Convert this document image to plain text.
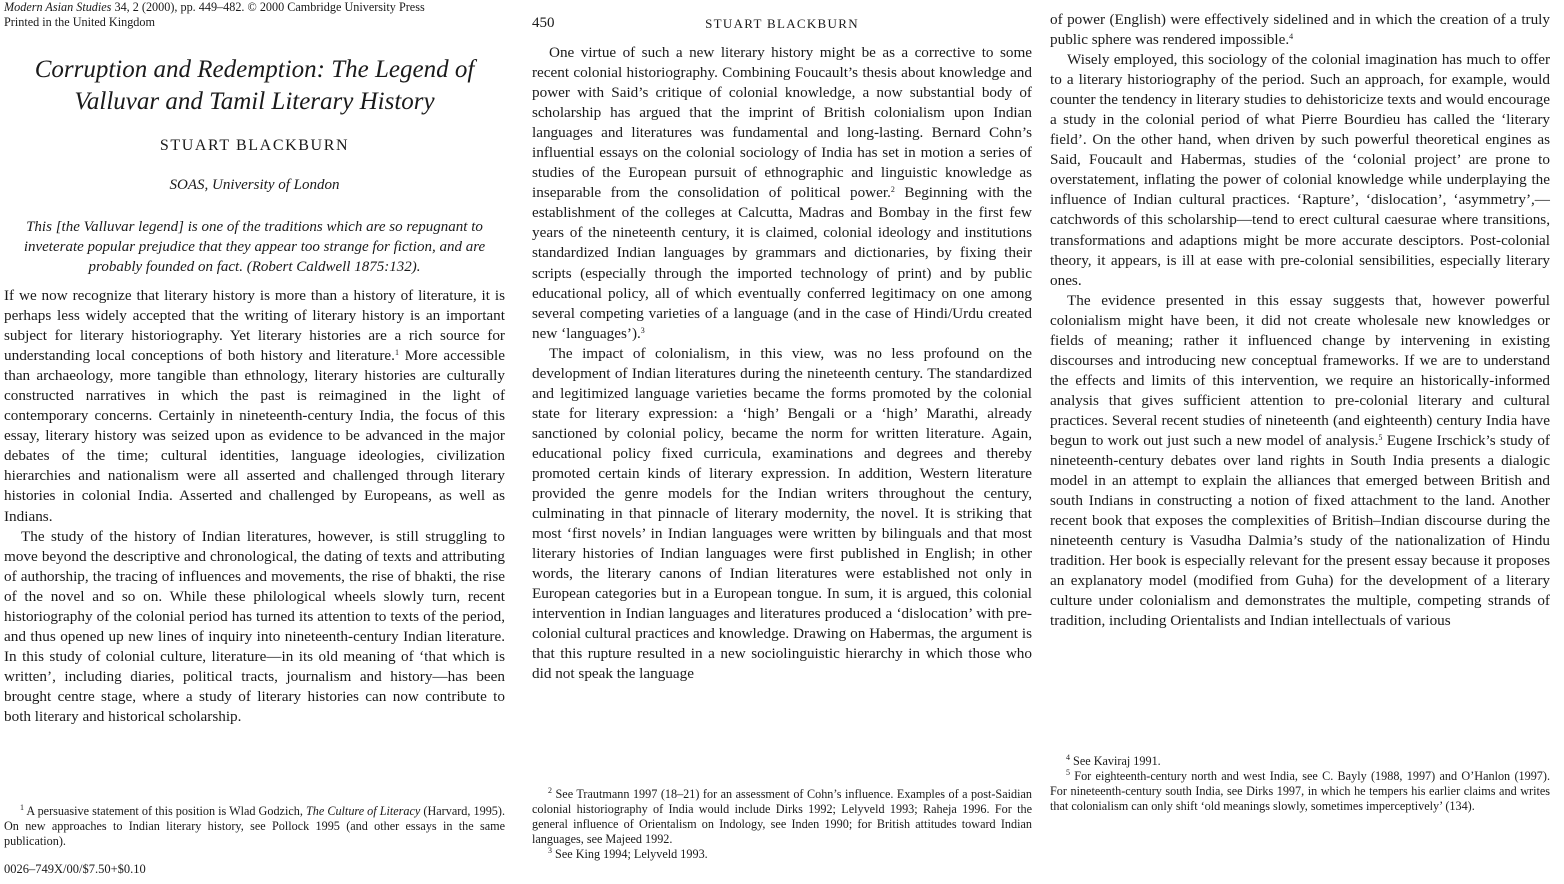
Modern Asian Studies 34, 2 (2000), pp. 449–482. © 2000 Cambridge University Press
Printed in the United Kingdom
Corruption and Redemption: The Legend of
Valluvar and Tamil Literary History
STUART BLACKBURN
SOAS, University of London
This [the Valluvar legend] is one of the traditions which are so repugnant to inveterate popular prejudice that they appear too strange for fiction, and are probably founded on fact. (Robert Caldwell 1875:132).

If we now recognize that literary history is more than a history of literature, it is perhaps less widely accepted that the writing of literary history is an important subject for literary historiography. Yet literary histories are a rich source for understanding local conceptions of both history and literature.$^1$ More accessible than archaeology, more tangible than ethnology, literary histories are culturally constructed narratives in which the past is reimagined in the light of contemporary concerns. Certainly in nineteenth-century India, the focus of this essay, literary history was seized upon as evidence to be advanced in the major debates of the time; cultural identities, language ideologies, civilization hierarchies and nationalism were all asserted and challenged through literary histories in colonial India. Asserted and challenged by Europeans, as well as Indians.

The study of the history of Indian literatures, however, is still struggling to move beyond the descriptive and chronological, the dating of texts and attributing of authorship, the tracing of influences and movements, the rise of bhakti, the rise of the novel and so on. While these philological wheels slowly turn, recent historiography of the colonial period has turned its attention to texts of the period, and thus opened up new lines of inquiry into nineteenth-century Indian literature. In this study of colonial culture, literature—in its old meaning of ‘that which is written’, including diaries, political tracts, journalism and history—has been brought centre stage, where a study of literary histories can now contribute to both literary and historical scholarship.

$^1$ A persuasive statement of this position is Wlad Godzich, The Culture of Literacy (Harvard, 1995). On new approaches to Indian literary history, see Pollock 1995 (and other essays in the same publication).

0026–749X/00/$7.50+$0.10
450	STUART BLACKBURN

One virtue of such a new literary history might be as a corrective to some recent colonial historiography. Combining Foucault’s thesis about knowledge and power with Said’s critique of colonial knowledge, a now substantial body of scholarship has argued that the imprint of British colonialism upon Indian languages and literatures was fundamental and long-lasting. Bernard Cohn’s influential essays on the colonial sociology of India has set in motion a series of studies of the European pursuit of ethnographic and linguistic knowledge as inseparable from the consolidation of political power.$^2$ Beginning with the establishment of the colleges at Calcutta, Madras and Bombay in the first few years of the nineteenth century, it is claimed, colonial ideology and institutions standardized Indian languages by grammars and dictionaries, by fixing their scripts (especially through the imported technology of print) and by public educational policy, all of which eventually conferred legitimacy on one among several competing varieties of a language (and in the case of Hindi/Urdu created new ‘languages’).$^3$

The impact of colonialism, in this view, was no less profound on the development of Indian literatures during the nineteenth century. The standardized and legitimized language varieties became the forms promoted by the colonial state for literary expression: a ‘high’ Bengali or a ‘high’ Marathi, already sanctioned by colonial policy, became the norm for written literature. Again, educational policy fixed curricula, examinations and degrees and thereby promoted certain kinds of literary expression. In addition, Western literature provided the genre models for the Indian writers throughout the century, culminating in that pinnacle of literary modernity, the novel. It is striking that most ‘first novels’ in Indian languages were written by bilinguals and that most literary histories of Indian languages were first published in English; in other words, the literary canons of Indian literatures were established not only in European categories but in a European tongue. In sum, it is argued, this colonial intervention in Indian languages and literatures produced a ‘dislocation’ with pre-colonial cultural practices and knowledge. Drawing on Habermas, the argument is that this rupture resulted in a new sociolinguistic hierarchy in which those who did not speak the language

$^2$ See Trautmann 1997 (18–21) for an assessment of Cohn’s influence. Examples of a post-Saidian colonial historiography of India would include Dirks 1992; Lelyveld 1993; Raheja 1996. For the general influence of Orientalism on Indology, see Inden 1990; for British attitudes toward Indian languages, see Majeed 1992.

$^3$ See King 1994; Lelyveld 1993.

of power (English) were effectively sidelined and in which the creation of a truly public sphere was rendered impossible.$^4$

Wisely employed, this sociology of the colonial imagination has much to offer to a literary historiography of the period. Such an approach, for example, would counter the tendency in literary studies to dehistoricize texts and would encourage a study in the colonial period of what Pierre Bourdieu has called the ‘literary field’. On the other hand, when driven by such powerful theoretical engines as Said, Foucault and Habermas, studies of the ‘colonial project’ are prone to overstatement, inflating the power of colonial knowledge while underplaying the influence of Indian cultural practices. ‘Rapture’, ‘dislocation’, ‘asymmetry’,—catchwords of this scholarship—tend to erect cultural caesurae where transitions, transformations and adaptions might be more accurate desciptors. Post-colonial theory, it appears, is ill at ease with pre-colonial sensibilities, especially literary ones.

The evidence presented in this essay suggests that, however powerful colonialism might have been, it did not create wholesale new knowledges or fields of meaning; rather it influenced change by intervening in existing discourses and introducing new conceptual frameworks. If we are to understand the effects and limits of this intervention, we require an historically-informed analysis that gives sufficient attention to pre-colonial literary and cultural practices. Several recent studies of nineteenth (and eighteenth) century India have begun to work out just such a new model of analysis.$^5$ Eugene Irschick’s study of nineteenth-century debates over land rights in South India presents a dialogic model in an attempt to explain the alliances that emerged between British and south Indians in constructing a notion of fixed attachment to the land. Another recent book that exposes the complexities of British–Indian discourse during the nineteenth century is Vasudha Dalmia’s study of the nationalization of Hindu tradition. Her book is especially relevant for the present essay because it proposes an explanatory model (modified from Guha) for the development of a literary culture under colonialism and demonstrates the multiple, competing strands of tradition, including Orientalists and Indian intellectuals of various

$^4$ See Kaviraj 1991.

$^5$ For eighteenth-century north and west India, see C. Bayly (1988, 1997) and O’Hanlon (1997). For nineteenth-century south India, see Dirks 1997, in which he tempers his earlier claims and writes that colonialism can only shift ‘old meanings slowly, sometimes imperceptively’ (134).
